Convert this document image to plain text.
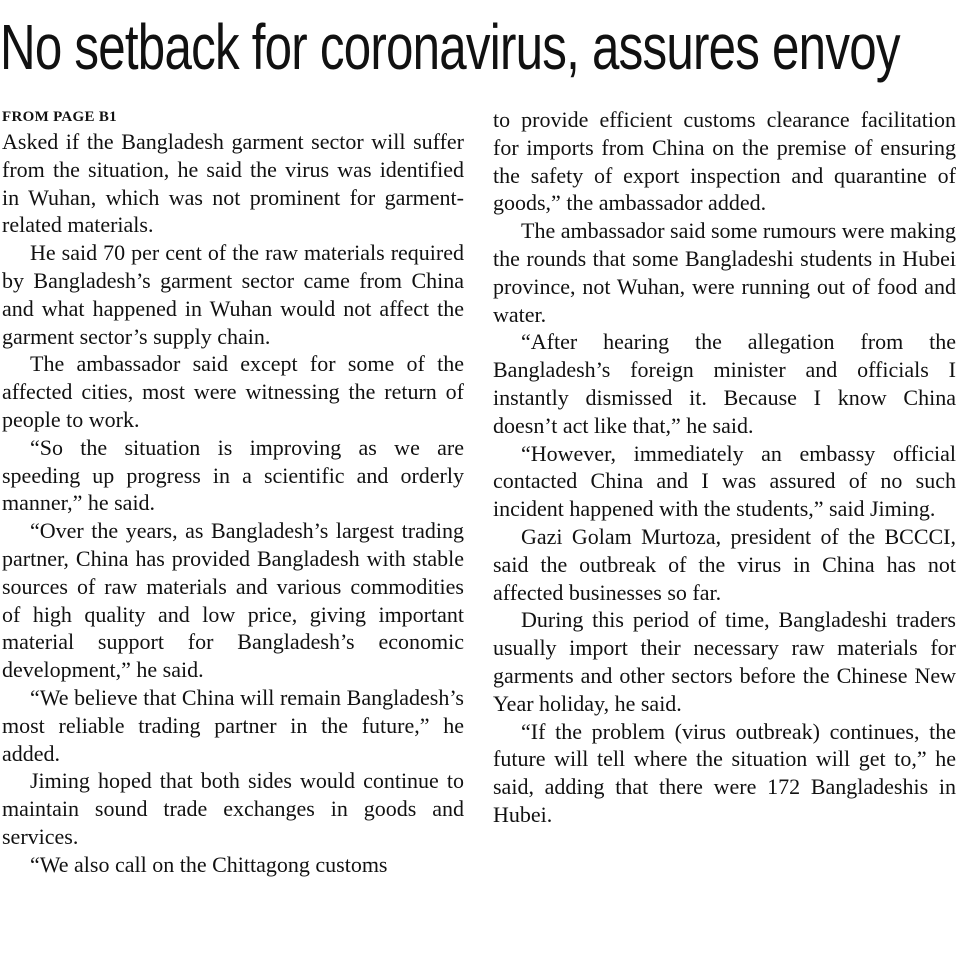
No setback for coronavirus, assures envoy
FROM PAGE B1

Asked if the Bangladesh garment sector will suffer from the situation, he said the virus was identified in Wuhan, which was not prominent for garment-related materials.

He said 70 per cent of the raw materials required by Bangladesh’s garment sector came from China and what happened in Wuhan would not affect the garment sector’s supply chain.

The ambassador said except for some of the affected cities, most were witnessing the return of people to work.

“So the situation is improving as we are speeding up progress in a scientific and orderly manner,” he said.

“Over the years, as Bangladesh’s largest trading partner, China has provided Bangladesh with stable sources of raw materials and various commodities of high quality and low price, giving important material support for Bangladesh’s economic development,” he said.

“We believe that China will remain Bangladesh’s most reliable trading partner in the future,” he added.

Jiming hoped that both sides would continue to maintain sound trade exchanges in goods and services.

“We also call on the Chittagong customs

to provide efficient customs clearance facilitation for imports from China on the premise of ensuring the safety of export inspection and quarantine of goods,” the ambassador added.

The ambassador said some rumours were making the rounds that some Bangladeshi students in Hubei province, not Wuhan, were running out of food and water.

“After hearing the allegation from the Bangladesh’s foreign minister and officials I instantly dismissed it. Because I know China doesn’t act like that,” he said.

“However, immediately an embassy official contacted China and I was assured of no such incident happened with the students,” said Jiming.

Gazi Golam Murtoza, president of the BCCCI, said the outbreak of the virus in China has not affected businesses so far.

During this period of time, Bangladeshi traders usually import their necessary raw materials for garments and other sectors before the Chinese New Year holiday, he said.

“If the problem (virus outbreak) continues, the future will tell where the situation will get to,” he said, adding that there were 172 Bangladeshis in Hubei.
